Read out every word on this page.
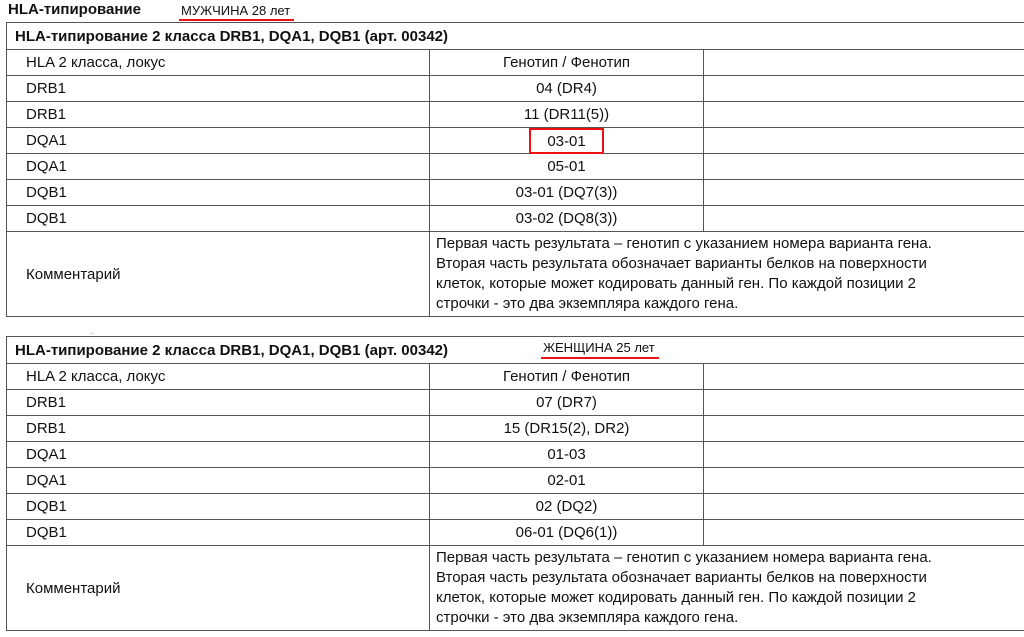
HLA-типирование	МУЖЧИНА 28 лет
HLA-типирование 2 класса DRB1, DQA1, DQB1 (арт. 00342)		
HLA 2 класса, локус	Генотип / Фенотип	
DRB1	04 (DR4)	
DRB1	11 (DR11(5))	
DQA1	03-01	
DQA1	05-01	
DQB1	03-01 (DQ7(3))	
DQB1	03-02 (DQ8(3))	
Комментарий	Первая часть результата – генотип с указанием номера варианта гена.
Вторая часть результата обозначает варианты белков на поверхности
клеток, которые может кодировать данный ген. По каждой позиции 2
строчки - это два экземпляра каждого гена.	
-
HLA-типирование 2 класса DRB1, DQA1, DQB1 (арт. 00342)		
HLA 2 класса, локус	Генотип / Фенотип	
DRB1	07 (DR7)	
DRB1	15 (DR15(2), DR2)	
DQA1	01-03	
DQA1	02-01	
DQB1	02 (DQ2)	
DQB1	06-01 (DQ6(1))	
Комментарий	Первая часть результата – генотип с указанием номера варианта гена.
Вторая часть результата обозначает варианты белков на поверхности
клеток, которые может кодировать данный ген. По каждой позиции 2
строчки - это два экземпляра каждого гена.	
ЖЕНЩИНА 25 лет
